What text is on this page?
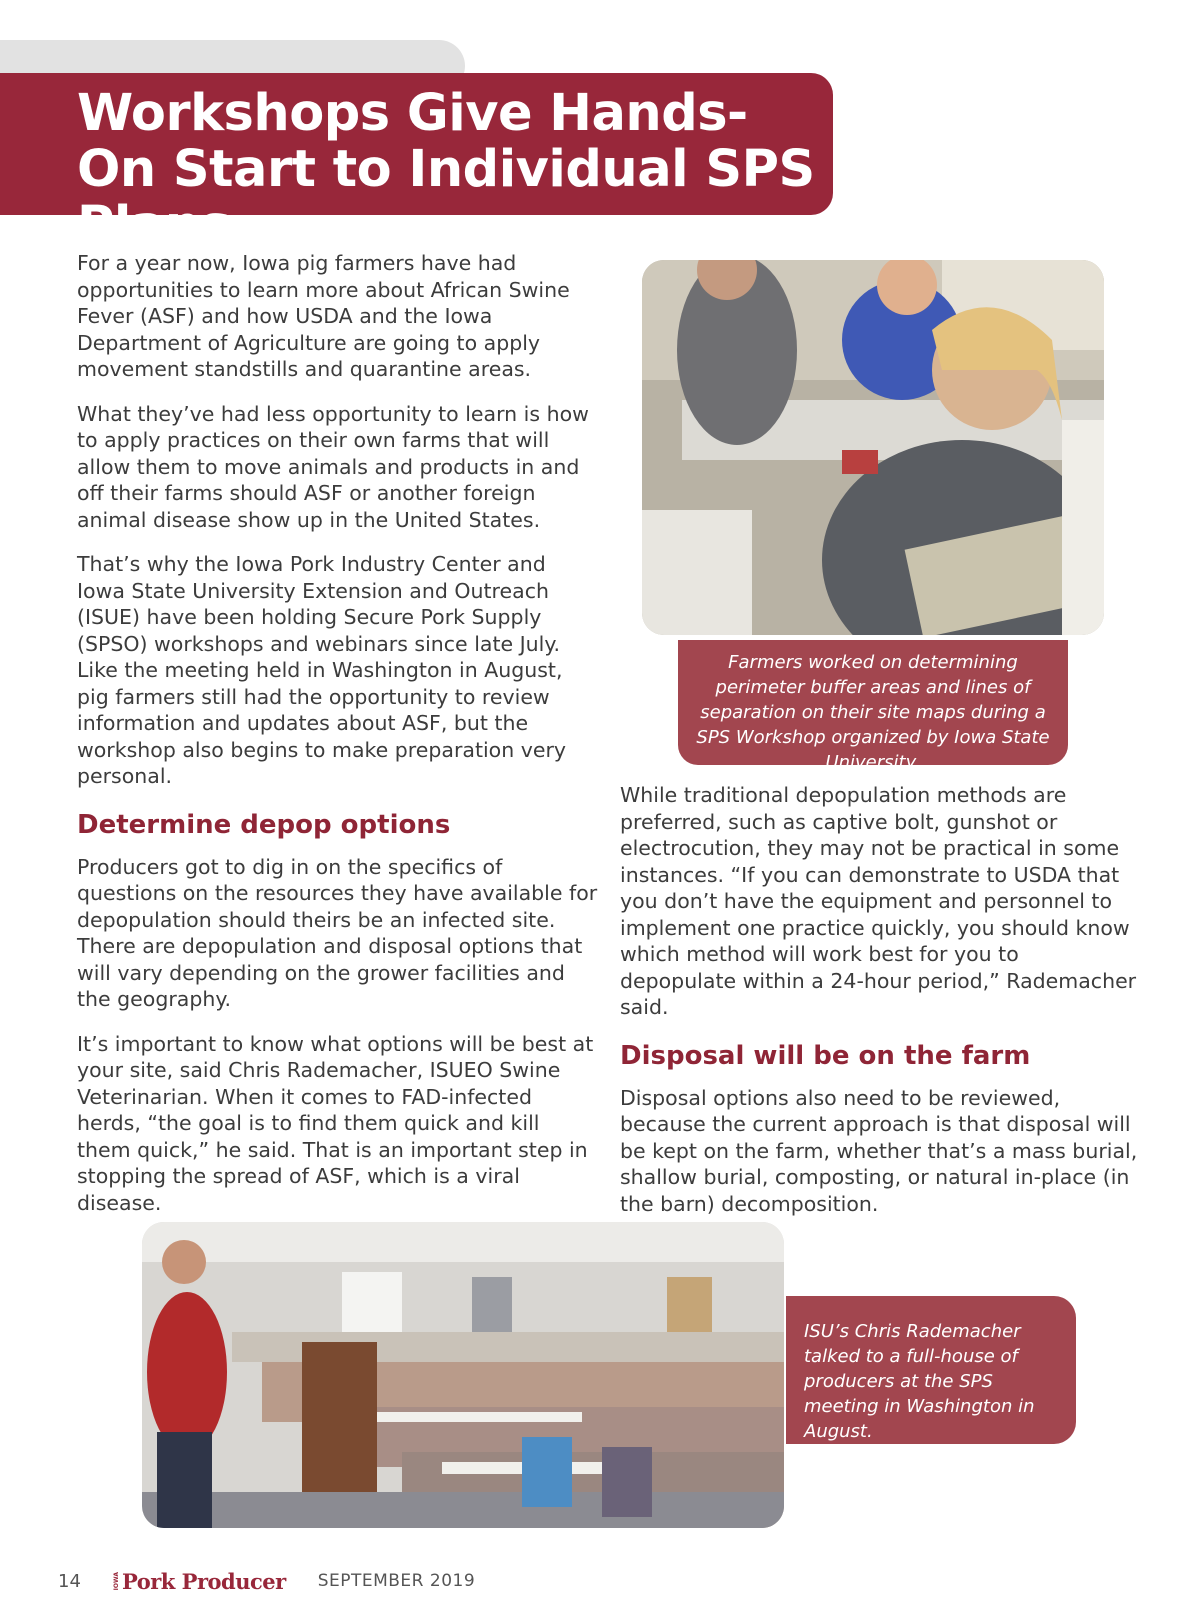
Workshops Give Hands-On Start to Individual SPS Plans

For a year now, Iowa pig farmers have had opportunities to learn more about African Swine Fever (ASF) and how USDA and the Iowa Department of Agriculture are going to apply movement standstills and quarantine areas.

What they’ve had less opportunity to learn is how to apply practices on their own farms that will allow them to move animals and products in and off their farms should ASF or another foreign animal disease show up in the United States.

That’s why the Iowa Pork Industry Center and Iowa State University Extension and Outreach (ISUE) have been holding Secure Pork Supply (SPSO) workshops and webinars since late July. Like the meeting held in Washington in August, pig farmers still had the opportunity to review information and updates about ASF, but the workshop also begins to make preparation very personal.

Determine depop options

Producers got to dig in on the specifics of questions on the resources they have available for depopulation should theirs be an infected site. There are depopulation and disposal options that will vary depending on the grower facilities and the geography.

It’s important to know what options will be best at your site, said Chris Rademacher, ISUEO Swine Veterinarian. When it comes to FAD-infected herds, “the goal is to find them quick and kill them quick,” he said. That is an important step in stopping the spread of ASF, which is a viral disease.

Farmers worked on determining perimeter buffer areas and lines of separation on their site maps during a SPS Workshop organized by Iowa State University.

While traditional depopulation methods are preferred, such as captive bolt, gunshot or electrocution, they may not be practical in some instances. “If you can demonstrate to USDA that you don’t have the equipment and personnel to implement one practice quickly, you should know which method will work best for you to depopulate within a 24-hour period,” Rademacher said.

Disposal will be on the farm

Disposal options also need to be reviewed, because the current approach is that disposal will be kept on the farm, whether that’s a mass burial, shallow burial, composting, or natural in-place (in the barn) decomposition.

ISU’s Chris Rademacher talked to a full-house of producers at the SPS meeting in Washington in August.
14	IOWA Pork Producer SEPTEMBER 2019
